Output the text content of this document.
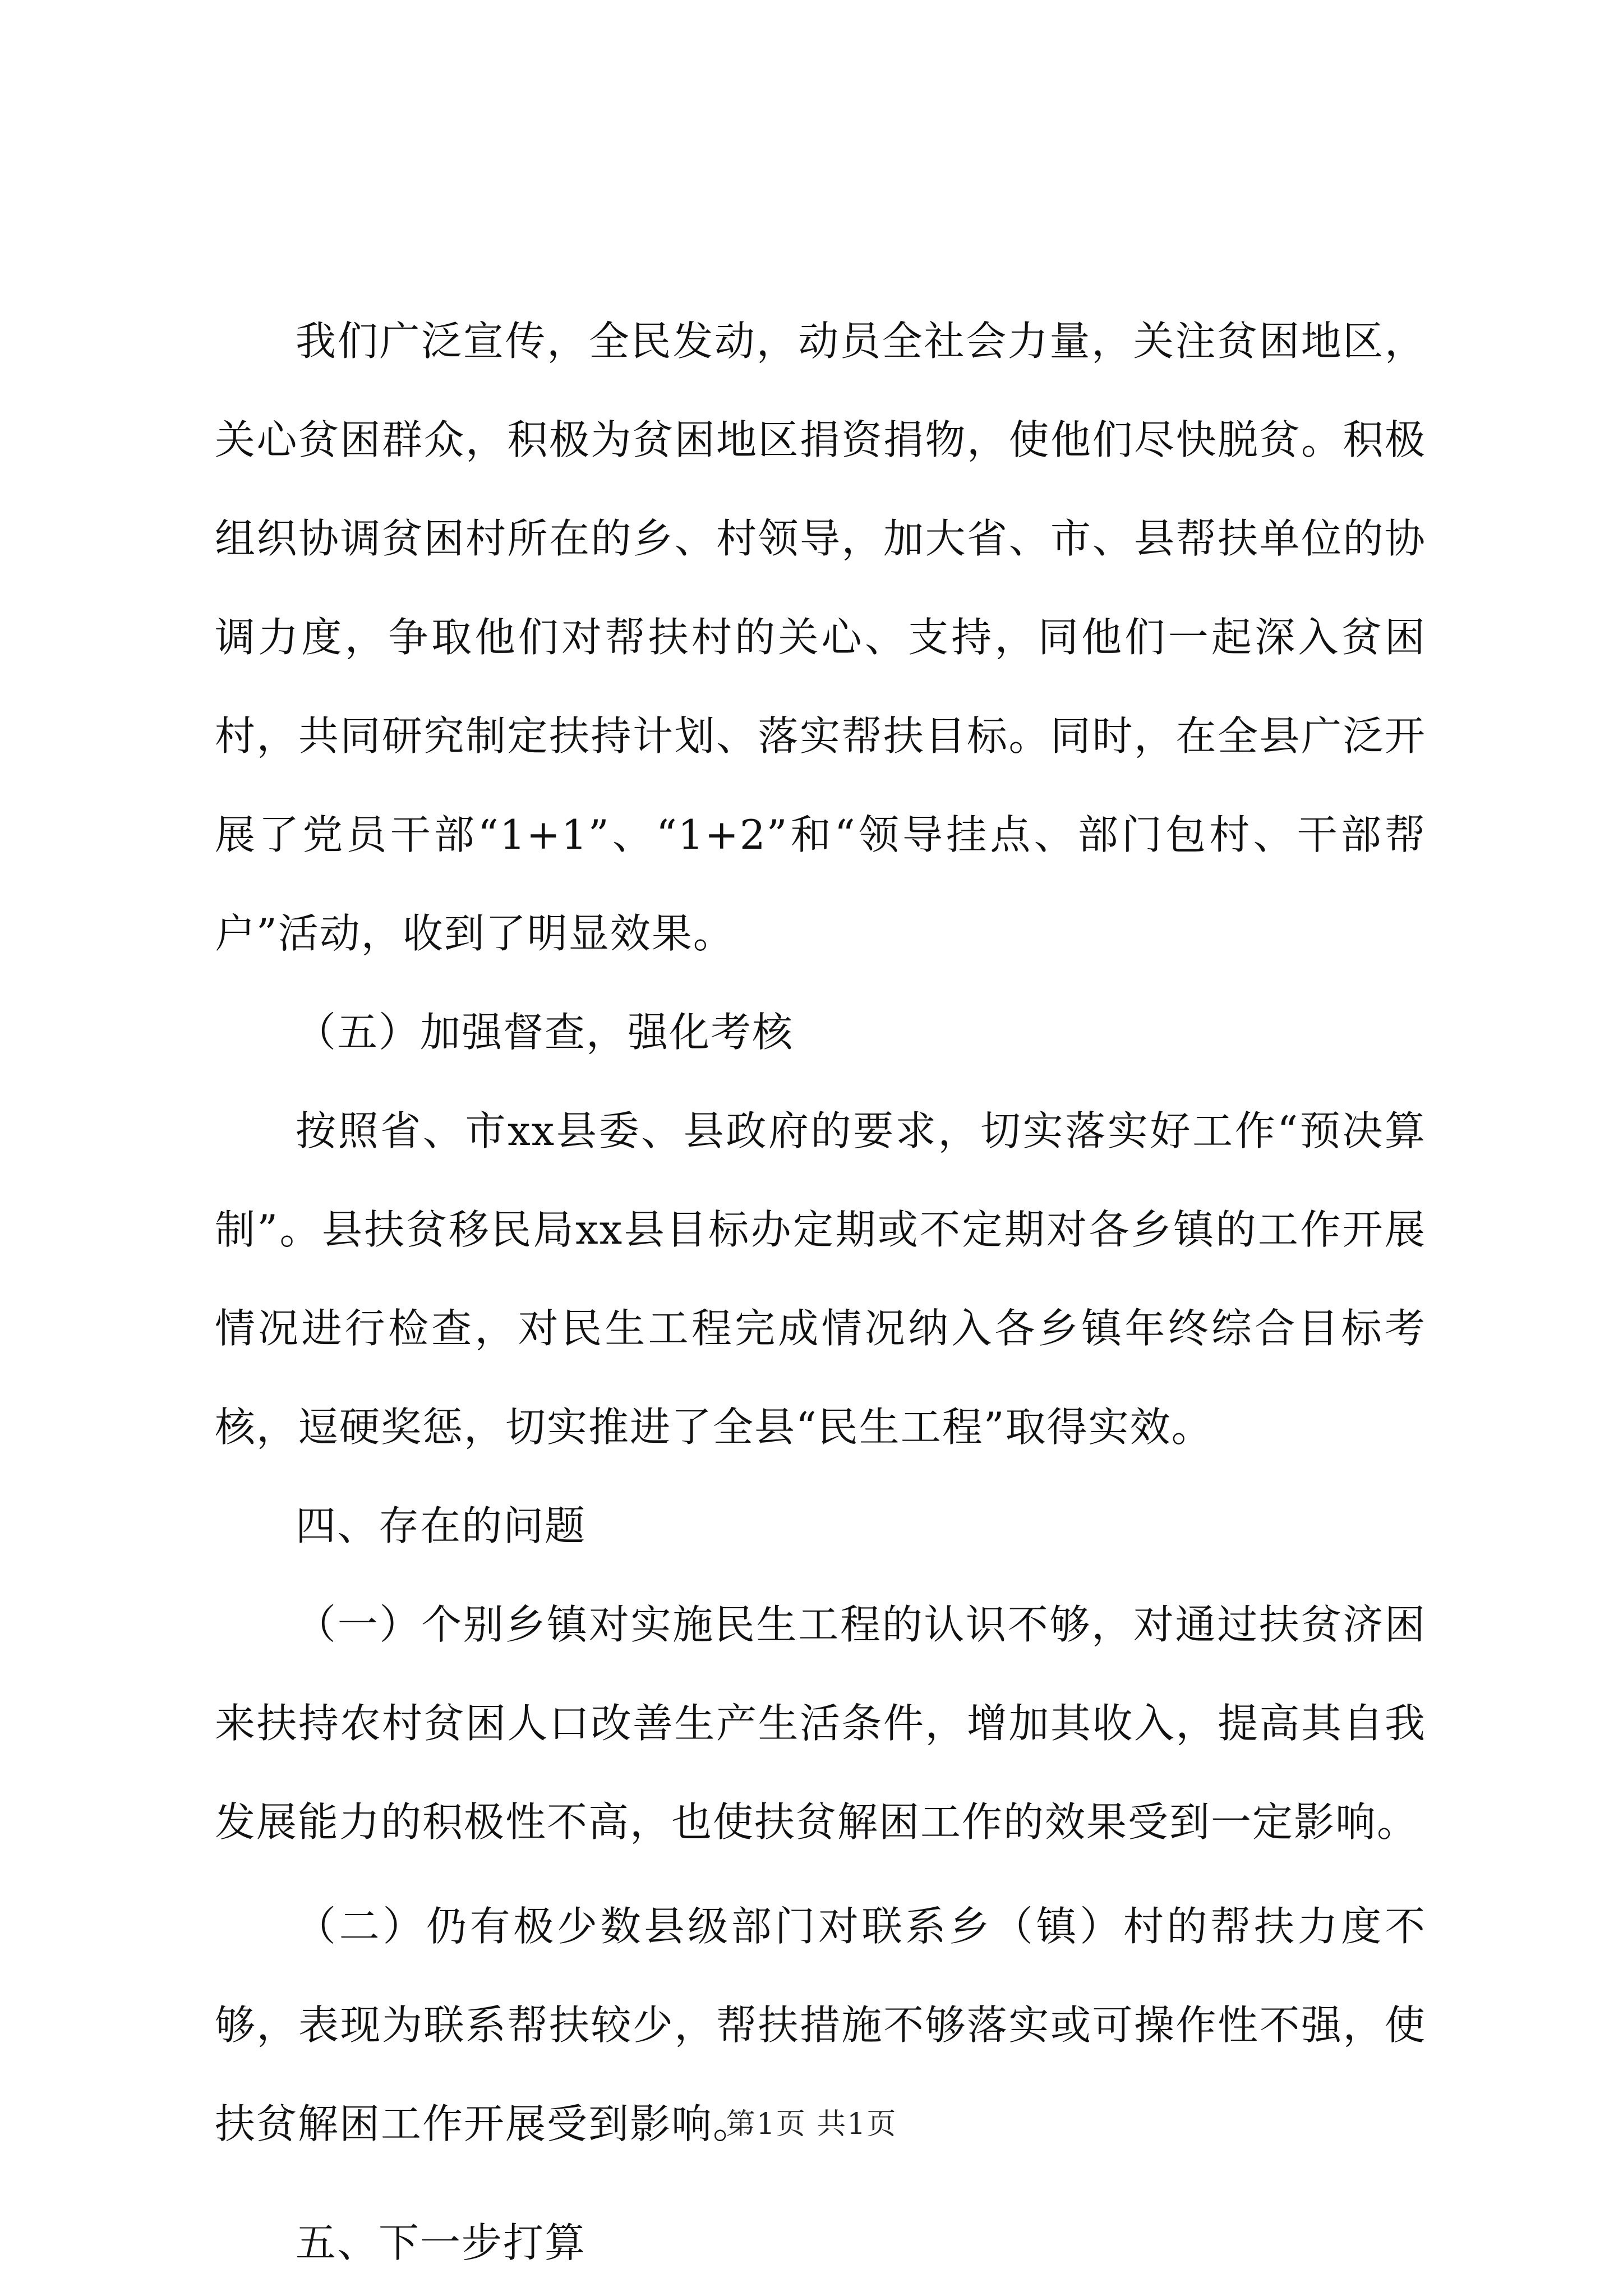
我们广泛宣传，全民发动，动员全社会力量，关注贫困地区，关心贫困群众，积极为贫困地区捐资捐物，使他们尽快脱贫。积极组织协调贫困村所在的乡、村领导，加大省、市、县帮扶单位的协调力度，争取他们对帮扶村的关心、支持，同他们一起深入贫困村，共同研究制定扶持计划、落实帮扶目标。同时，在全县广泛开展了党员干部“1+1”、“1+2”和“领导挂点、部门包村、干部帮户”活动，收到了明显效果。

（五）加强督查，强化考核

按照省、市xx县委、县政府的要求，切实落实好工作“预决算制”。县扶贫移民局xx县目标办定期或不定期对各乡镇的工作开展情况进行检查，对民生工程完成情况纳入各乡镇年终综合目标考核，逗硬奖惩，切实推进了全县“民生工程”取得实效。

四、存在的问题

（一）个别乡镇对实施民生工程的认识不够，对通过扶贫济困来扶持农村贫困人口改善生产生活条件，增加其收入，提高其自我发展能力的积极性不高，也使扶贫解困工作的效果受到一定影响。

（二）仍有极少数县级部门对联系乡（镇）村的帮扶力度不够，表现为联系帮扶较少，帮扶措施不够落实或可操作性不强，使扶贫解困工作开展受到影响。

五、下一步打算

第1页 共1页
